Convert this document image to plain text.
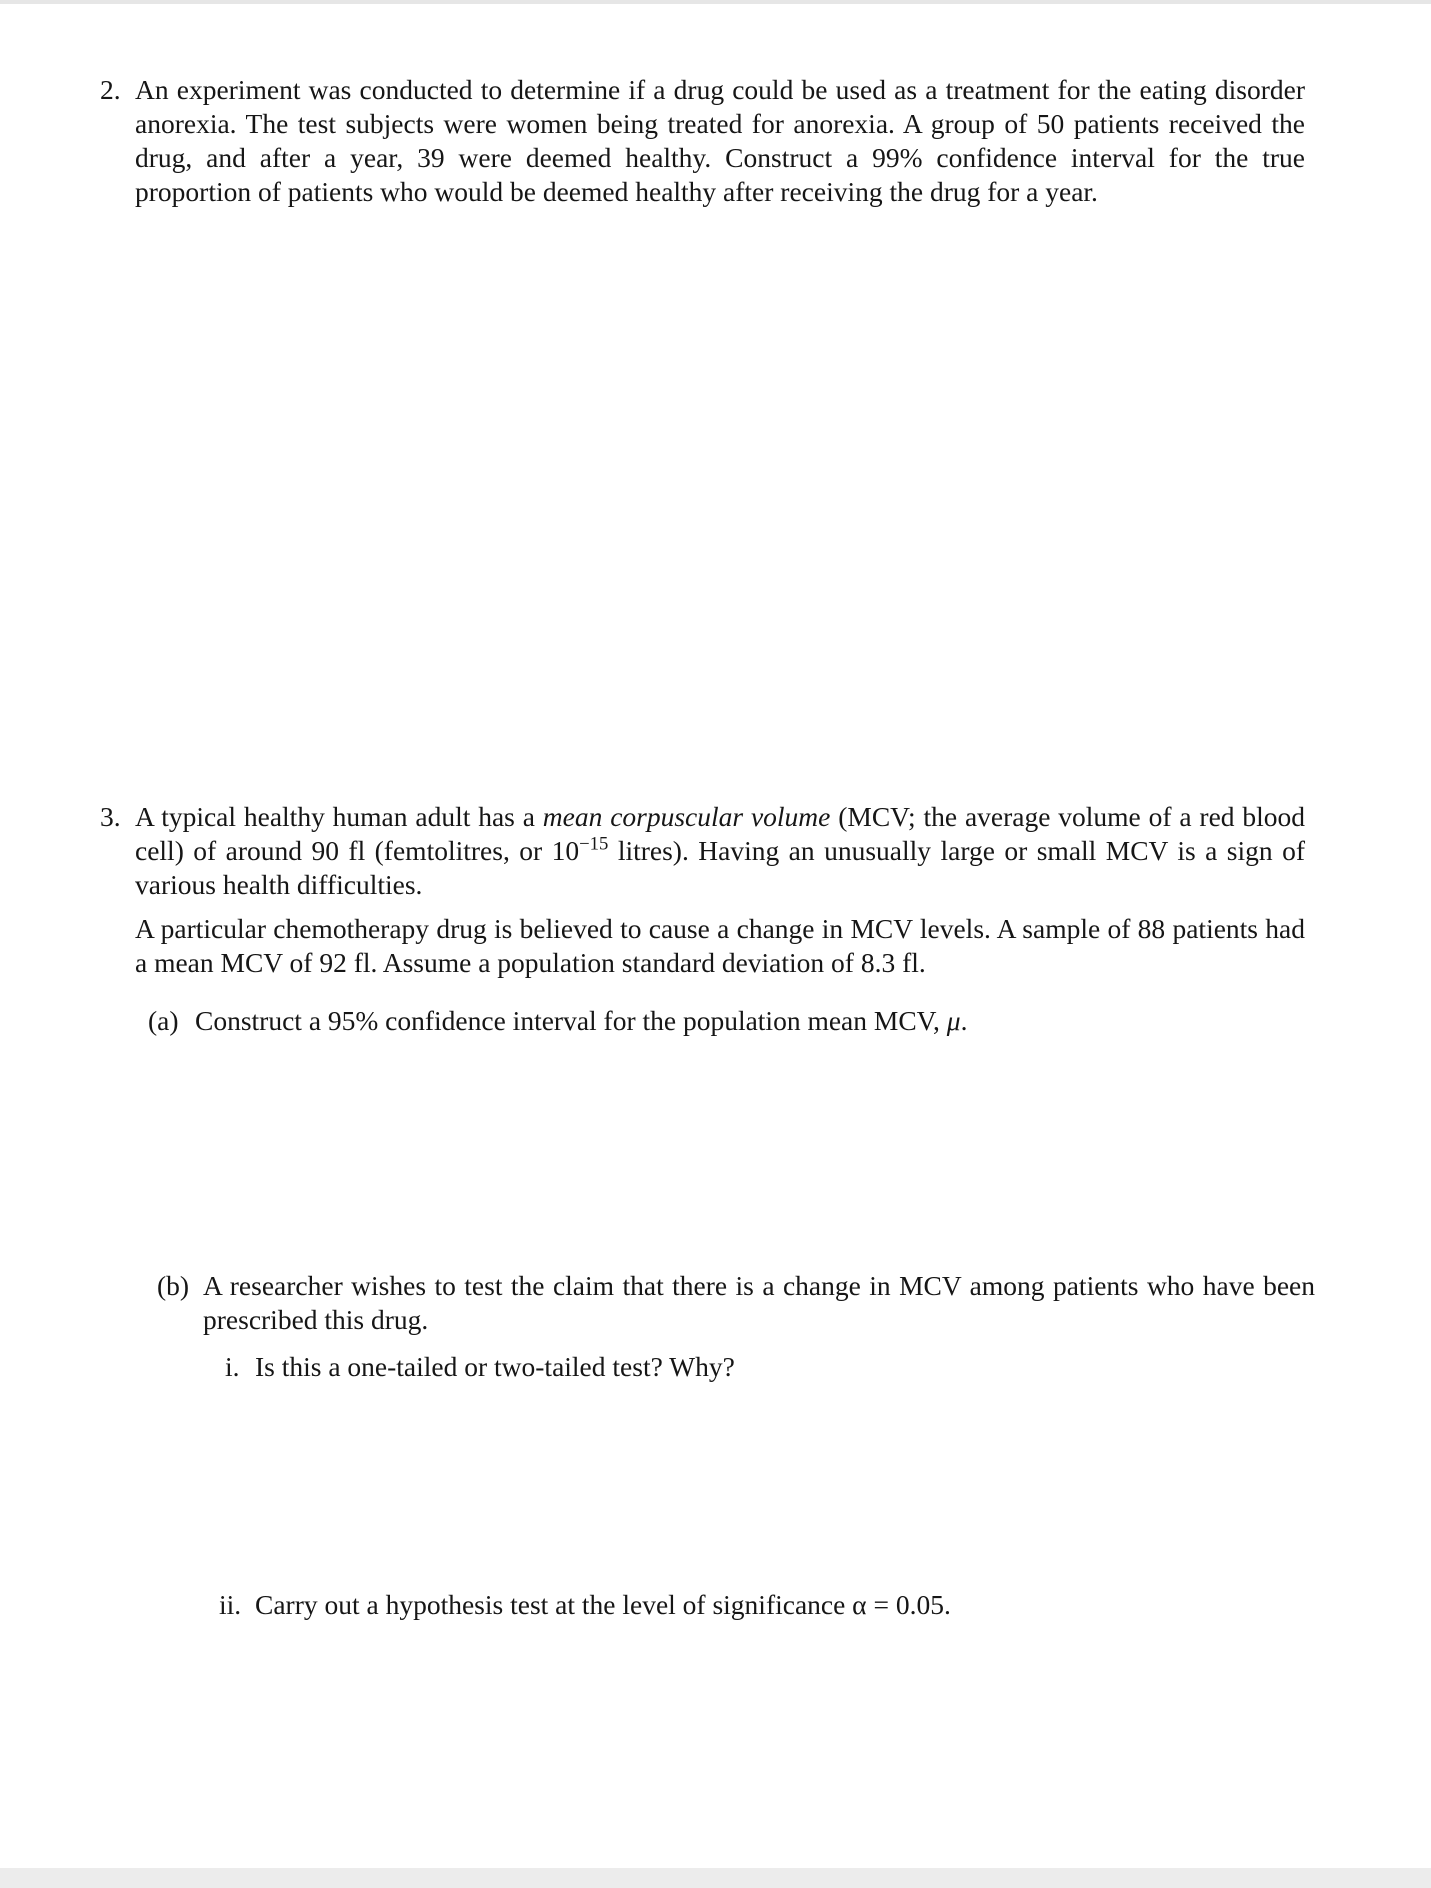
2. An experiment was conducted to determine if a drug could be used as a treatment for the eating disorder anorexia. The test subjects were women being treated for anorexia. A group of 50 patients received the drug, and after a year, 39 were deemed healthy. Construct a 99% confidence interval for the true proportion of patients who would be deemed healthy after receiving the drug for a year.

3. A typical healthy human adult has a mean corpuscular volume (MCV; the average volume of a red blood cell) of around 90 fl (femtolitres, or $10^{-15}$ litres). Having an unusually large or small MCV is a sign of various health difficulties.

A particular chemotherapy drug is believed to cause a change in MCV levels. A sample of 88 patients had a mean MCV of 92 fl. Assume a population standard deviation of 8.3 fl.

(a) Construct a 95% confidence interval for the population mean MCV, μ.

(b) A researcher wishes to test the claim that there is a change in MCV among patients who have been prescribed this drug.

i. Is this a one-tailed or two-tailed test? Why?

ii. Carry out a hypothesis test at the level of significance α = 0.05.
